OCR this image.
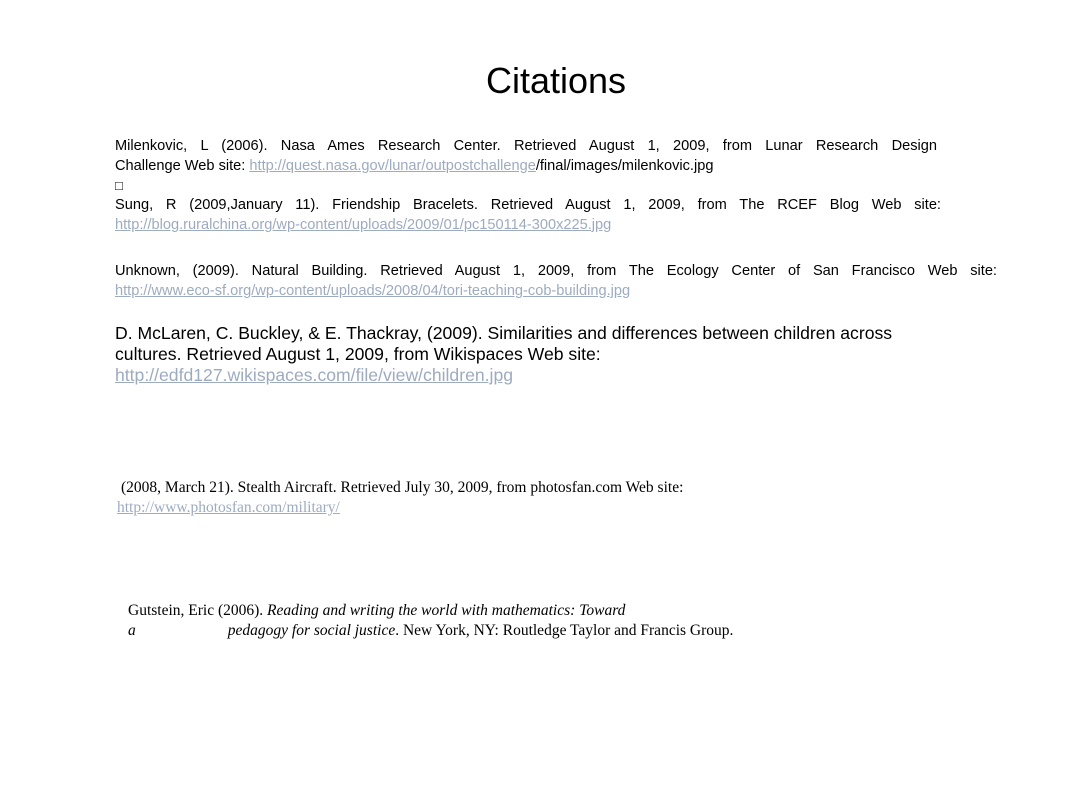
Citations
Milenkovic, L (2006). Nasa Ames Research Center. Retrieved August 1, 2009, from Lunar Research Design
Challenge Web site: http://quest.nasa.gov/lunar/outpostchallenge/final/images/milenkovic.jpg
□
Sung, R (2009,January 11). Friendship Bracelets. Retrieved August 1, 2009, from The RCEF Blog Web site:
http://blog.ruralchina.org/wp-content/uploads/2009/01/pc150114-300x225.jpg
Unknown, (2009). Natural Building. Retrieved August 1, 2009, from The Ecology Center of San Francisco Web site:
http://www.eco-sf.org/wp-content/uploads/2008/04/tori-teaching-cob-building.jpg
D. McLaren, C. Buckley, & E. Thackray, (2009). Similarities and differences between children across
cultures. Retrieved August 1, 2009, from Wikispaces Web site:
http://edfd127.wikispaces.com/file/view/children.jpg
(2008, March 21). Stealth Aircraft. Retrieved July 30, 2009, from photosfan.com Web site:
http://www.photosfan.com/military/
Gutstein, Eric (2006). Reading and writing the world with mathematics: Toward
a	pedagogy for social justice. New York, NY: Routledge Taylor and Francis Group.
